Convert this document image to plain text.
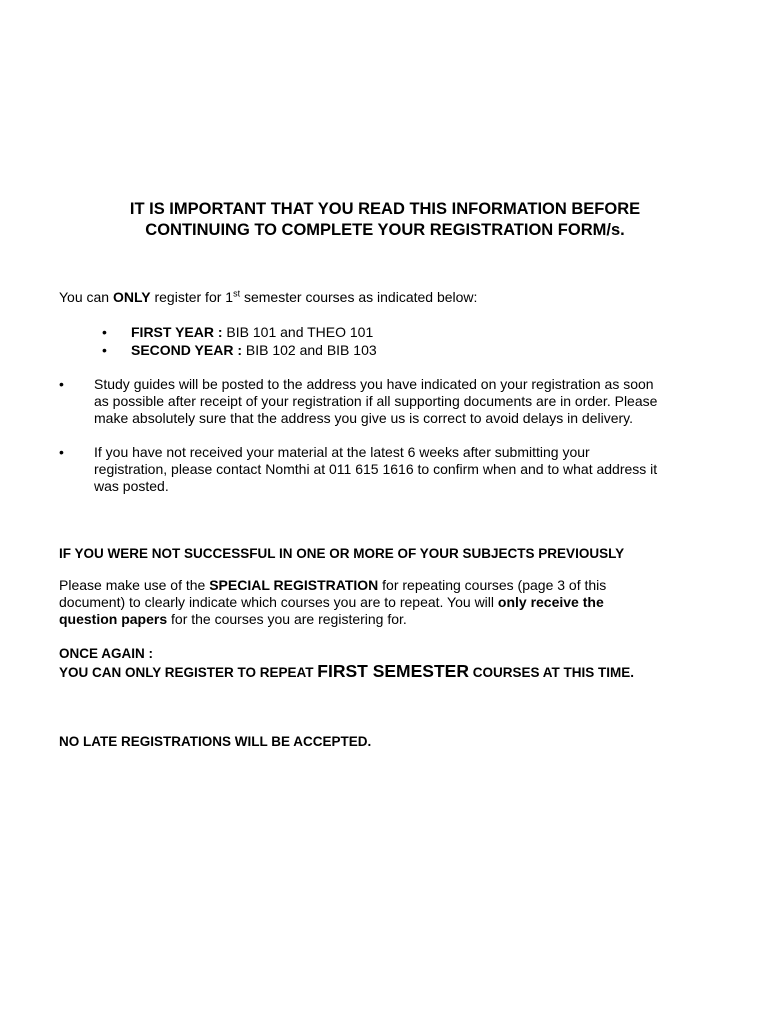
IT IS IMPORTANT THAT YOU READ THIS INFORMATION BEFORE
CONTINUING TO COMPLETE YOUR REGISTRATION FORM/s.
You can ONLY register for 1st semester courses as indicated below:
• FIRST YEAR : BIB 101 and THEO 101
• SECOND YEAR : BIB 102 and BIB 103
• Study guides will be posted to the address you have indicated on your registration as soon
as possible after receipt of your registration if all supporting documents are in order. Please
make absolutely sure that the address you give us is correct to avoid delays in delivery.
• If you have not received your material at the latest 6 weeks after submitting your
registration, please contact Nomthi at 011 615 1616 to confirm when and to what address it
was posted.
IF YOU WERE NOT SUCCESSFUL IN ONE OR MORE OF YOUR SUBJECTS PREVIOUSLY
Please make use of the SPECIAL REGISTRATION for repeating courses (page 3 of this
document) to clearly indicate which courses you are to repeat. You will only receive the
question papers for the courses you are registering for.
ONCE AGAIN :
YOU CAN ONLY REGISTER TO REPEAT FIRST SEMESTER COURSES AT THIS TIME.
NO LATE REGISTRATIONS WILL BE ACCEPTED.
